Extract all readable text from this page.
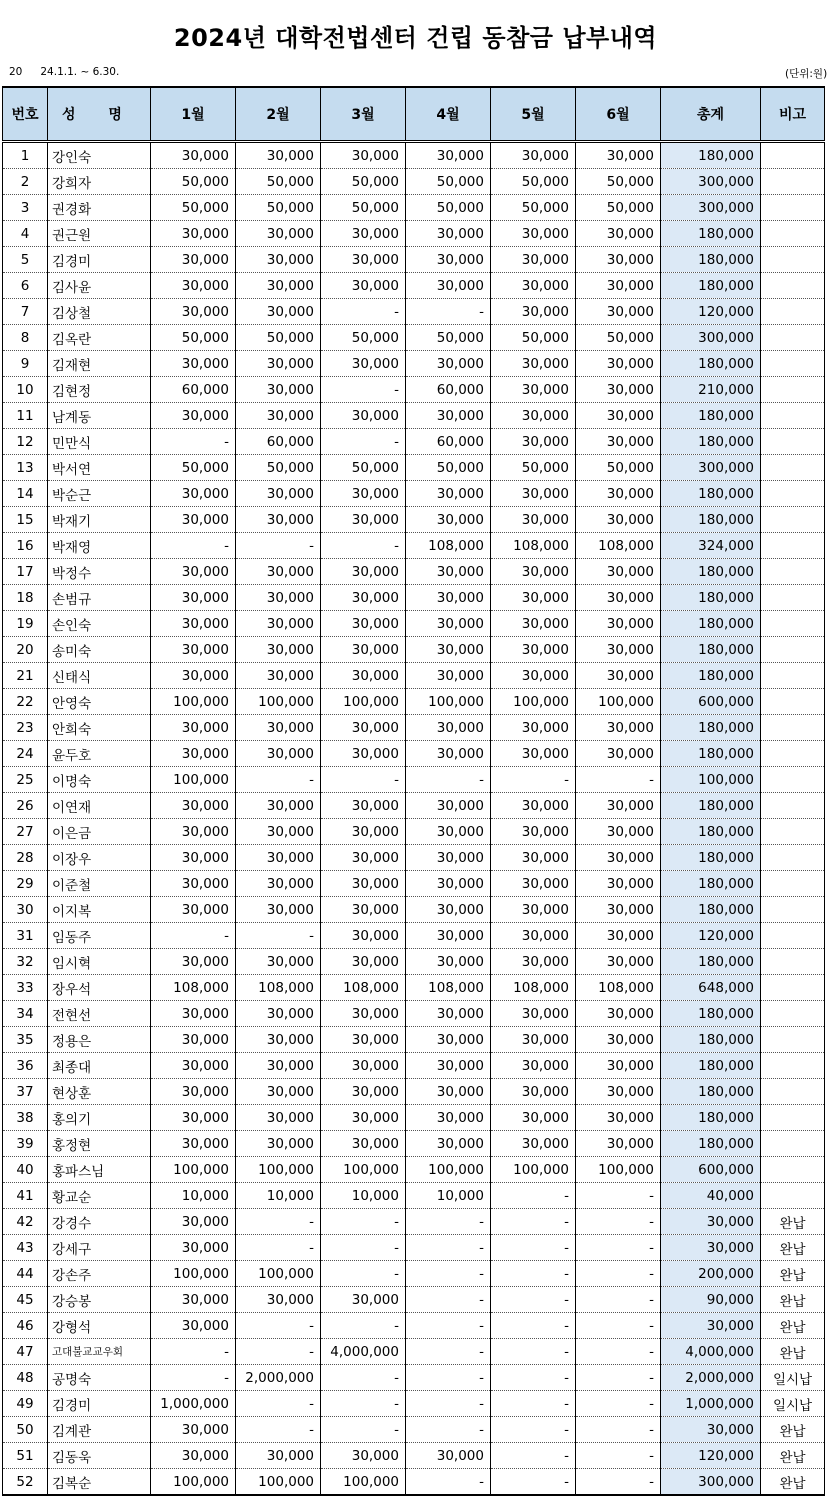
2024년 대학전법센터 건립 동참금 납부내역
20 24.1.1. ~ 6.30.	(단위:원)
번호	성 명	1월	2월	3월	4월	5월	6월	총계	비고
1	강인숙	30,000	30,000	30,000	30,000	30,000	30,000	180,000	
2	강희자	50,000	50,000	50,000	50,000	50,000	50,000	300,000	
3	권경화	50,000	50,000	50,000	50,000	50,000	50,000	300,000	
4	권근원	30,000	30,000	30,000	30,000	30,000	30,000	180,000	
5	김경미	30,000	30,000	30,000	30,000	30,000	30,000	180,000	
6	김사윤	30,000	30,000	30,000	30,000	30,000	30,000	180,000	
7	김상철	30,000	30,000	-	-	30,000	30,000	120,000	
8	김옥란	50,000	50,000	50,000	50,000	50,000	50,000	300,000	
9	김재현	30,000	30,000	30,000	30,000	30,000	30,000	180,000	
10	김현정	60,000	30,000	-	60,000	30,000	30,000	210,000	
11	남계동	30,000	30,000	30,000	30,000	30,000	30,000	180,000	
12	민만식	-	60,000	-	60,000	30,000	30,000	180,000	
13	박서연	50,000	50,000	50,000	50,000	50,000	50,000	300,000	
14	박순근	30,000	30,000	30,000	30,000	30,000	30,000	180,000	
15	박재기	30,000	30,000	30,000	30,000	30,000	30,000	180,000	
16	박재영	-	-	-	108,000	108,000	108,000	324,000	
17	박정수	30,000	30,000	30,000	30,000	30,000	30,000	180,000	
18	손범규	30,000	30,000	30,000	30,000	30,000	30,000	180,000	
19	손인숙	30,000	30,000	30,000	30,000	30,000	30,000	180,000	
20	송미숙	30,000	30,000	30,000	30,000	30,000	30,000	180,000	
21	신태식	30,000	30,000	30,000	30,000	30,000	30,000	180,000	
22	안영숙	100,000	100,000	100,000	100,000	100,000	100,000	600,000	
23	안희숙	30,000	30,000	30,000	30,000	30,000	30,000	180,000	
24	윤두호	30,000	30,000	30,000	30,000	30,000	30,000	180,000	
25	이명숙	100,000	-	-	-	-	-	100,000	
26	이연재	30,000	30,000	30,000	30,000	30,000	30,000	180,000	
27	이은금	30,000	30,000	30,000	30,000	30,000	30,000	180,000	
28	이장우	30,000	30,000	30,000	30,000	30,000	30,000	180,000	
29	이준철	30,000	30,000	30,000	30,000	30,000	30,000	180,000	
30	이지복	30,000	30,000	30,000	30,000	30,000	30,000	180,000	
31	임동주	-	-	30,000	30,000	30,000	30,000	120,000	
32	임시혁	30,000	30,000	30,000	30,000	30,000	30,000	180,000	
33	장우석	108,000	108,000	108,000	108,000	108,000	108,000	648,000	
34	전현선	30,000	30,000	30,000	30,000	30,000	30,000	180,000	
35	정용은	30,000	30,000	30,000	30,000	30,000	30,000	180,000	
36	최종대	30,000	30,000	30,000	30,000	30,000	30,000	180,000	
37	현상훈	30,000	30,000	30,000	30,000	30,000	30,000	180,000	
38	홍의기	30,000	30,000	30,000	30,000	30,000	30,000	180,000	
39	홍정현	30,000	30,000	30,000	30,000	30,000	30,000	180,000	
40	홍파스님	100,000	100,000	100,000	100,000	100,000	100,000	600,000	
41	황교순	10,000	10,000	10,000	10,000	-	-	40,000	
42	강경수	30,000	-	-	-	-	-	30,000	완납
43	강세구	30,000	-	-	-	-	-	30,000	완납
44	강손주	100,000	100,000	-	-	-	-	200,000	완납
45	강승봉	30,000	30,000	30,000	-	-	-	90,000	완납
46	강형석	30,000	-	-	-	-	-	30,000	완납
47	고대불교교우회	-	-	4,000,000	-	-	-	4,000,000	완납
48	공명숙	-	2,000,000	-	-	-	-	2,000,000	일시납
49	김경미	1,000,000	-	-	-	-	-	1,000,000	일시납
50	김계관	30,000	-	-	-	-	-	30,000	완납
51	김동욱	30,000	30,000	30,000	30,000	-	-	120,000	완납
52	김복순	100,000	100,000	100,000	-	-	-	300,000	완납
